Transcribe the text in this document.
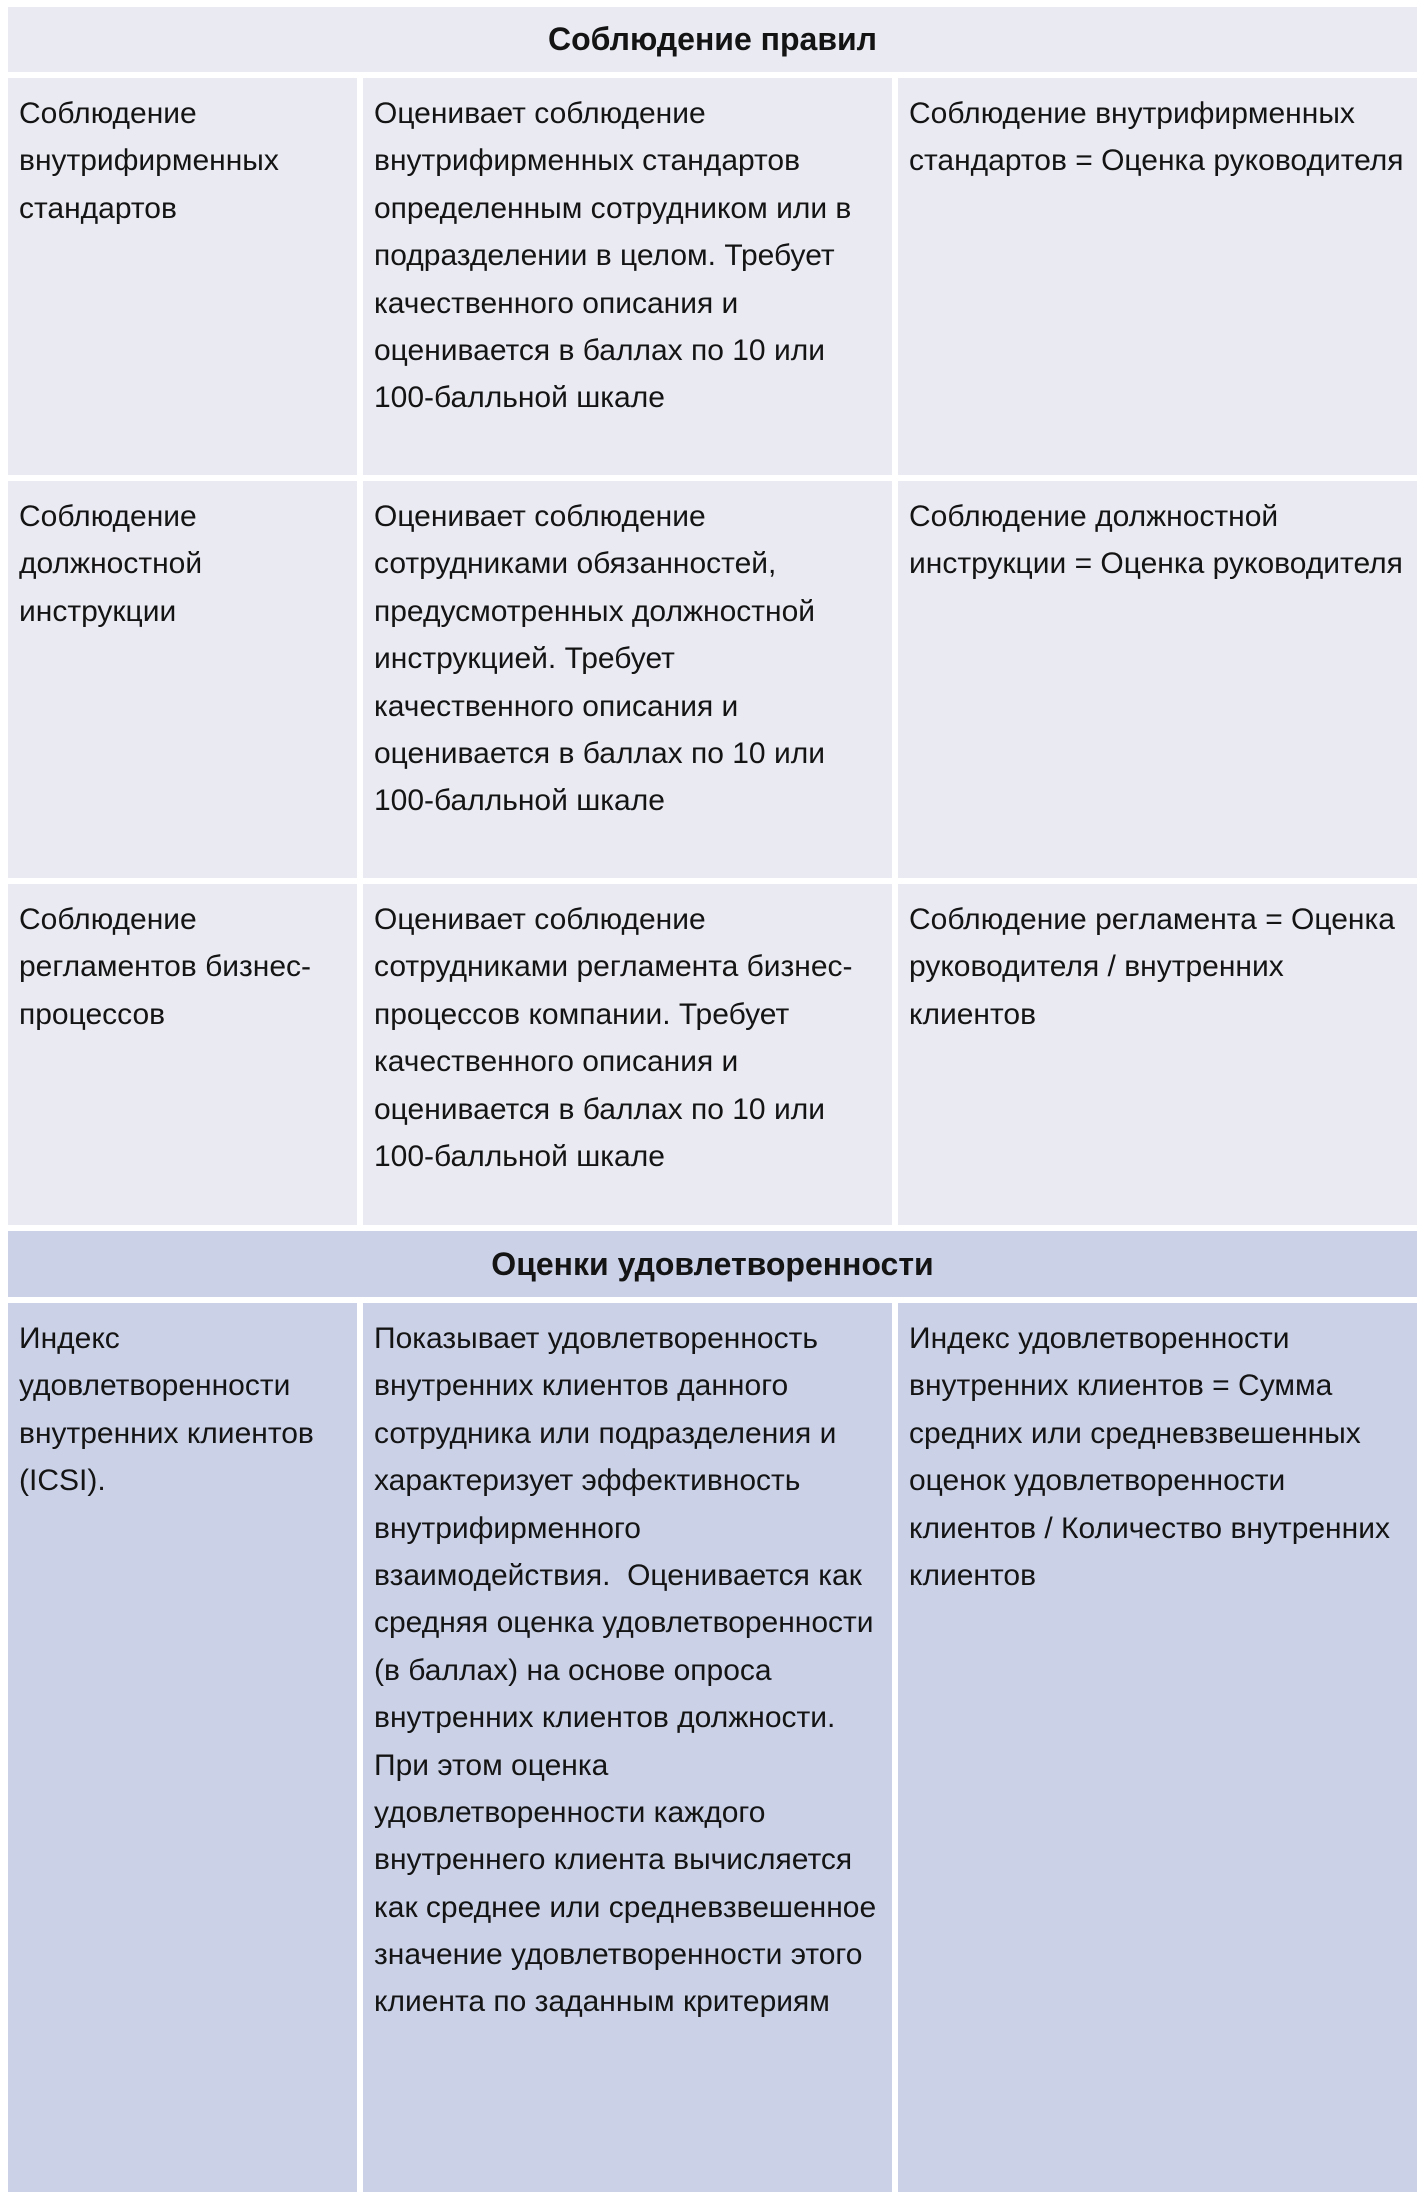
Соблюдение правил
Соблюдение внутрифирменных стандартов
Оценивает соблюдение внутрифирменных стандартов определенным сотрудником или в подразделении в целом. Требует качественного описания и оценивается в баллах по 10 или 100-балльной шкале
Соблюдение внутрифирменных стандартов = Оценка руководителя
Соблюдение должностной инструкции
Оценивает соблюдение сотрудниками обязанностей, предусмотренных должностной инструкцией. Требует качественного описания и оценивается в баллах по 10 или 100-балльной шкале
Соблюдение должностной инструкции = Оценка руководителя
Соблюдение регламентов бизнес-процессов
Оценивает соблюдение сотрудниками регламента бизнес-процессов компании. Требует качественного описания и оценивается в баллах по 10 или 100-балльной шкале
Соблюдение регламента = Оценка руководителя / внутренних клиентов
Оценки удовлетворенности
Индекс удовлетворенности внутренних клиентов (ICSI).
Показывает удовлетворенность внутренних клиентов данного сотрудника или подразделения и характеризует эффективность внутрифирменного взаимодействия.  Оценивается как средняя оценка удовлетворенности (в баллах) на основе опроса внутренних клиентов должности. При этом оценка удовлетворенности каждого внутреннего клиента вычисляется как среднее или средневзвешенное значение удовлетворенности этого клиента по заданным критериям
Индекс удовлетворенности внутренних клиентов = Сумма средних или средневзвешенных оценок удовлетворенности клиентов / Количество внутренних клиентов
